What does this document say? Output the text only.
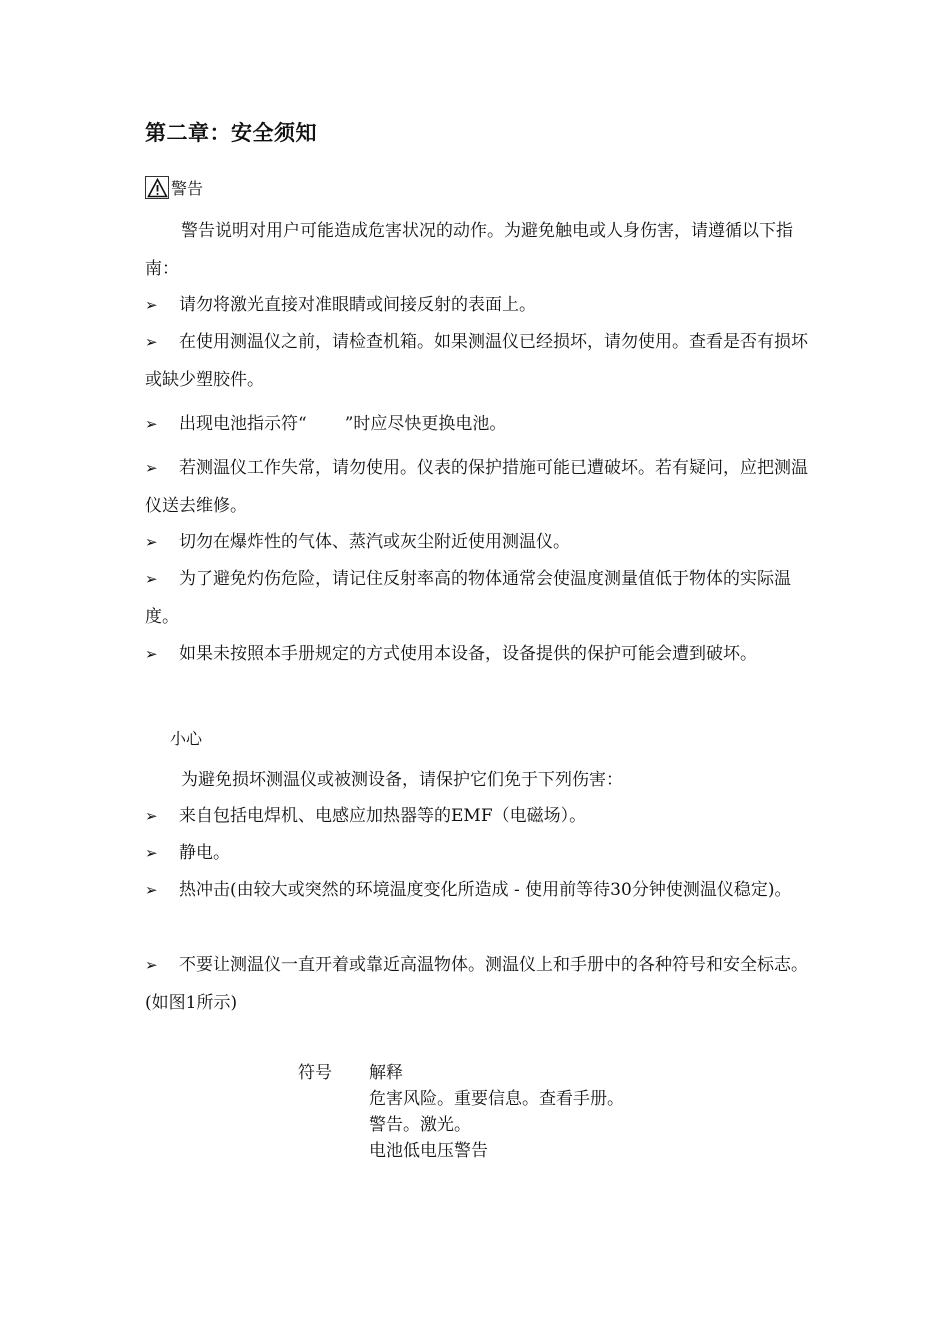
第二章：安全须知
警告
警告说明对用户可能造成危害状况的动作。为避免触电或人身伤害，请遵循以下指南：
➢ 请勿将激光直接对准眼睛或间接反射的表面上。
➢ 在使用测温仪之前，请检查机箱。如果测温仪已经损坏，请勿使用。查看是否有损坏或缺少塑胶件。
➢ 出现电池指示符“ ”时应尽快更换电池。
➢ 若测温仪工作失常，请勿使用。仪表的保护措施可能已遭破坏。若有疑问，应把测温仪送去维修。
➢ 切勿在爆炸性的气体、蒸汽或灰尘附近使用测温仪。
➢ 为了避免灼伤危险，请记住反射率高的物体通常会使温度测量值低于物体的实际温度。
➢ 如果未按照本手册规定的方式使用本设备，设备提供的保护可能会遭到破坏。
小心
为避免损坏测温仪或被测设备，请保护它们免于下列伤害：
➢ 来自包括电焊机、电感应加热器等的EMF（电磁场）。
➢ 静电。
➢ 热冲击(由较大或突然的环境温度变化所造成 - 使用前等待30分钟使测温仪稳定)。
➢ 不要让测温仪一直开着或靠近高温物体。测温仪上和手册中的各种符号和安全标志。(如图1所示)
符号 解释
危害风险。重要信息。查看手册。
警告。激光。
电池低电压警告
